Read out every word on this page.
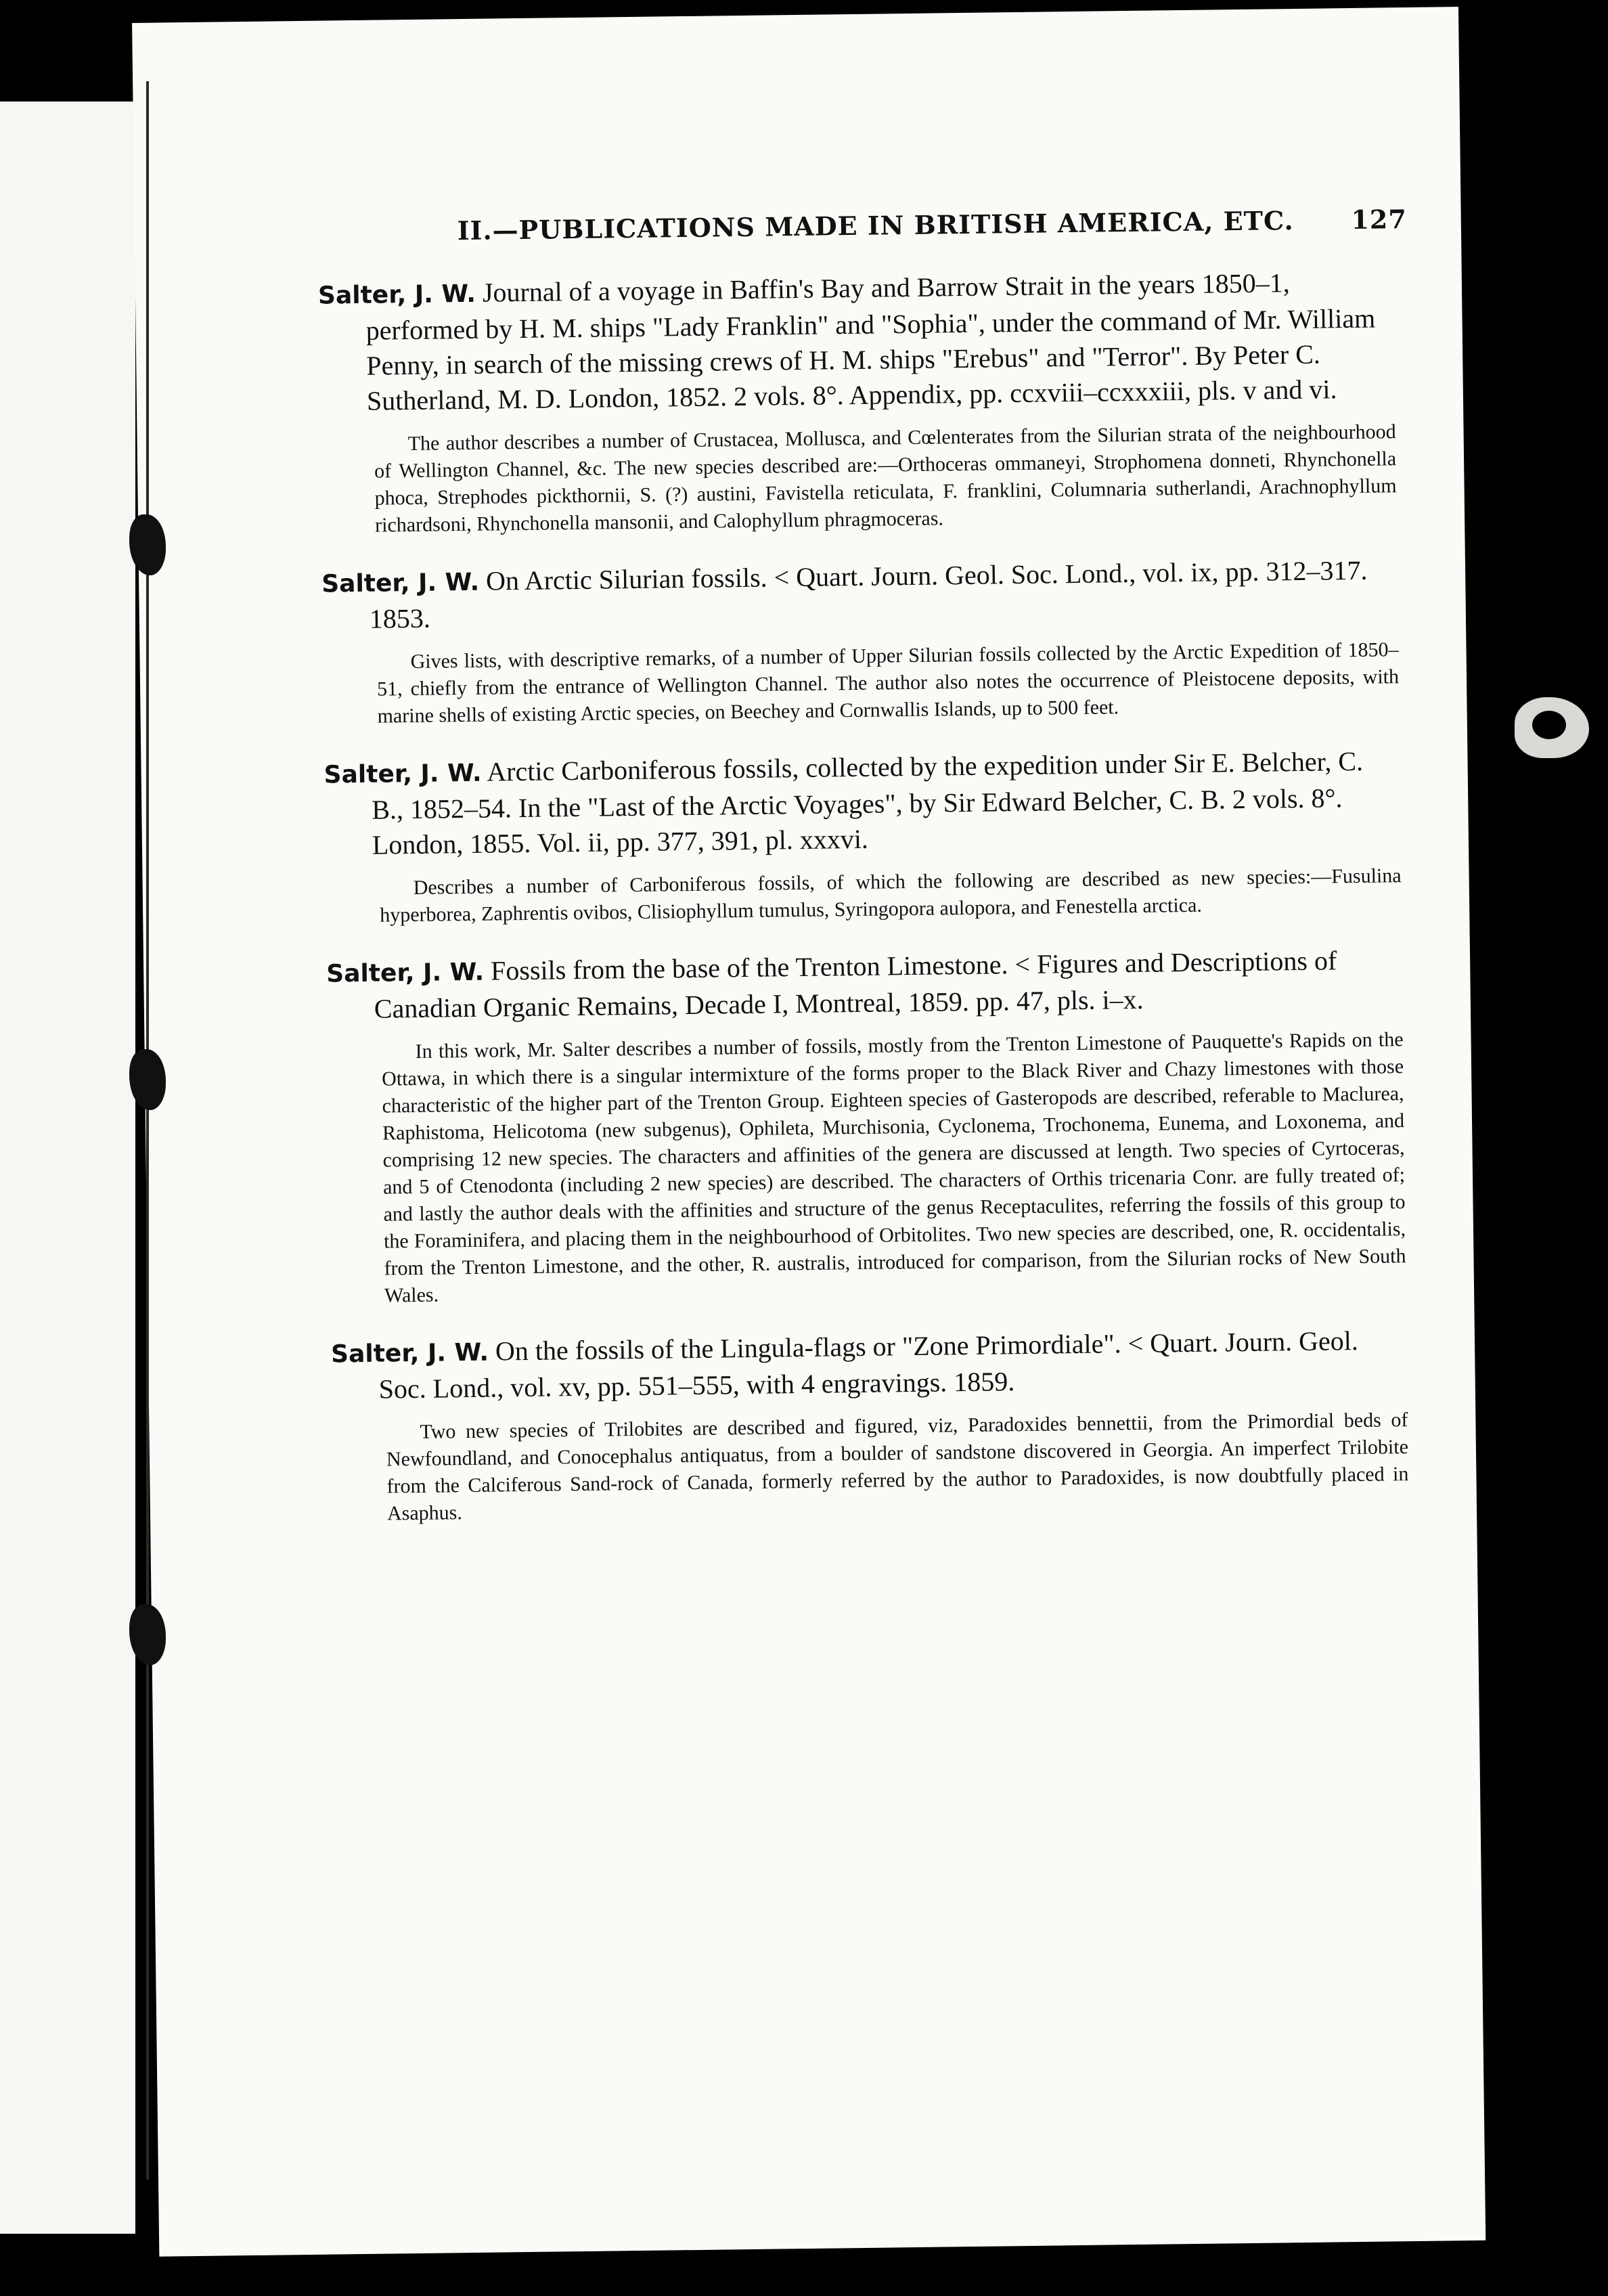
II.—PUBLICATIONS MADE IN BRITISH AMERICA, ETC. 127

Salter, J. W. Journal of a voyage in Baffin's Bay and Barrow Strait in the years 1850–1, performed by H. M. ships "Lady Franklin" and "Sophia", under the command of Mr. William Penny, in search of the missing crews of H. M. ships "Erebus" and "Terror". By Peter C. Sutherland, M. D. London, 1852. 2 vols. 8°. Appendix, pp. ccxviii–ccxxxiii, pls. v and vi.

The author describes a number of Crustacea, Mollusca, and Cœlenterates from the Silurian strata of the neighbourhood of Wellington Channel, &c. The new species described are:—Orthoceras ommaneyi, Strophomena donneti, Rhynchonella phoca, Strephodes pickthornii, S. (?) austini, Favistella reticulata, F. franklini, Columnaria sutherlandi, Arachnophyllum richardsoni, Rhynchonella mansonii, and Calophyllum phragmoceras.

Salter, J. W. On Arctic Silurian fossils. < Quart. Journ. Geol. Soc. Lond., vol. ix, pp. 312–317. 1853.

Gives lists, with descriptive remarks, of a number of Upper Silurian fossils collected by the Arctic Expedition of 1850–51, chiefly from the entrance of Wellington Channel. The author also notes the occurrence of Pleistocene deposits, with marine shells of existing Arctic species, on Beechey and Cornwallis Islands, up to 500 feet.

Salter, J. W. Arctic Carboniferous fossils, collected by the expedition under Sir E. Belcher, C. B., 1852–54. In the "Last of the Arctic Voyages", by Sir Edward Belcher, C. B. 2 vols. 8°. London, 1855. Vol. ii, pp. 377, 391, pl. xxxvi.

Describes a number of Carboniferous fossils, of which the following are described as new species:—Fusulina hyperborea, Zaphrentis ovibos, Clisiophyllum tumulus, Syringopora aulopora, and Fenestella arctica.

Salter, J. W. Fossils from the base of the Trenton Limestone. < Figures and Descriptions of Canadian Organic Remains, Decade I, Montreal, 1859. pp. 47, pls. i–x.

In this work, Mr. Salter describes a number of fossils, mostly from the Trenton Limestone of Pauquette's Rapids on the Ottawa, in which there is a singular intermixture of the forms proper to the Black River and Chazy limestones with those characteristic of the higher part of the Trenton Group. Eighteen species of Gasteropods are described, referable to Maclurea, Raphistoma, Helicotoma (new subgenus), Ophileta, Murchisonia, Cyclonema, Trochonema, Eunema, and Loxonema, and comprising 12 new species. The characters and affinities of the genera are discussed at length. Two species of Cyrtoceras, and 5 of Ctenodonta (including 2 new species) are described. The characters of Orthis tricenaria Conr. are fully treated of; and lastly the author deals with the affinities and structure of the genus Receptaculites, referring the fossils of this group to the Foraminifera, and placing them in the neighbourhood of Orbitolites. Two new species are described, one, R. occidentalis, from the Trenton Limestone, and the other, R. australis, introduced for comparison, from the Silurian rocks of New South Wales.

Salter, J. W. On the fossils of the Lingula-flags or "Zone Primordiale". < Quart. Journ. Geol. Soc. Lond., vol. xv, pp. 551–555, with 4 engravings. 1859.

Two new species of Trilobites are described and figured, viz, Paradoxides bennettii, from the Primordial beds of Newfoundland, and Conocephalus antiquatus, from a boulder of sandstone discovered in Georgia. An imperfect Trilobite from the Calciferous Sand-rock of Canada, formerly referred by the author to Paradoxides, is now doubtfully placed in Asaphus.
